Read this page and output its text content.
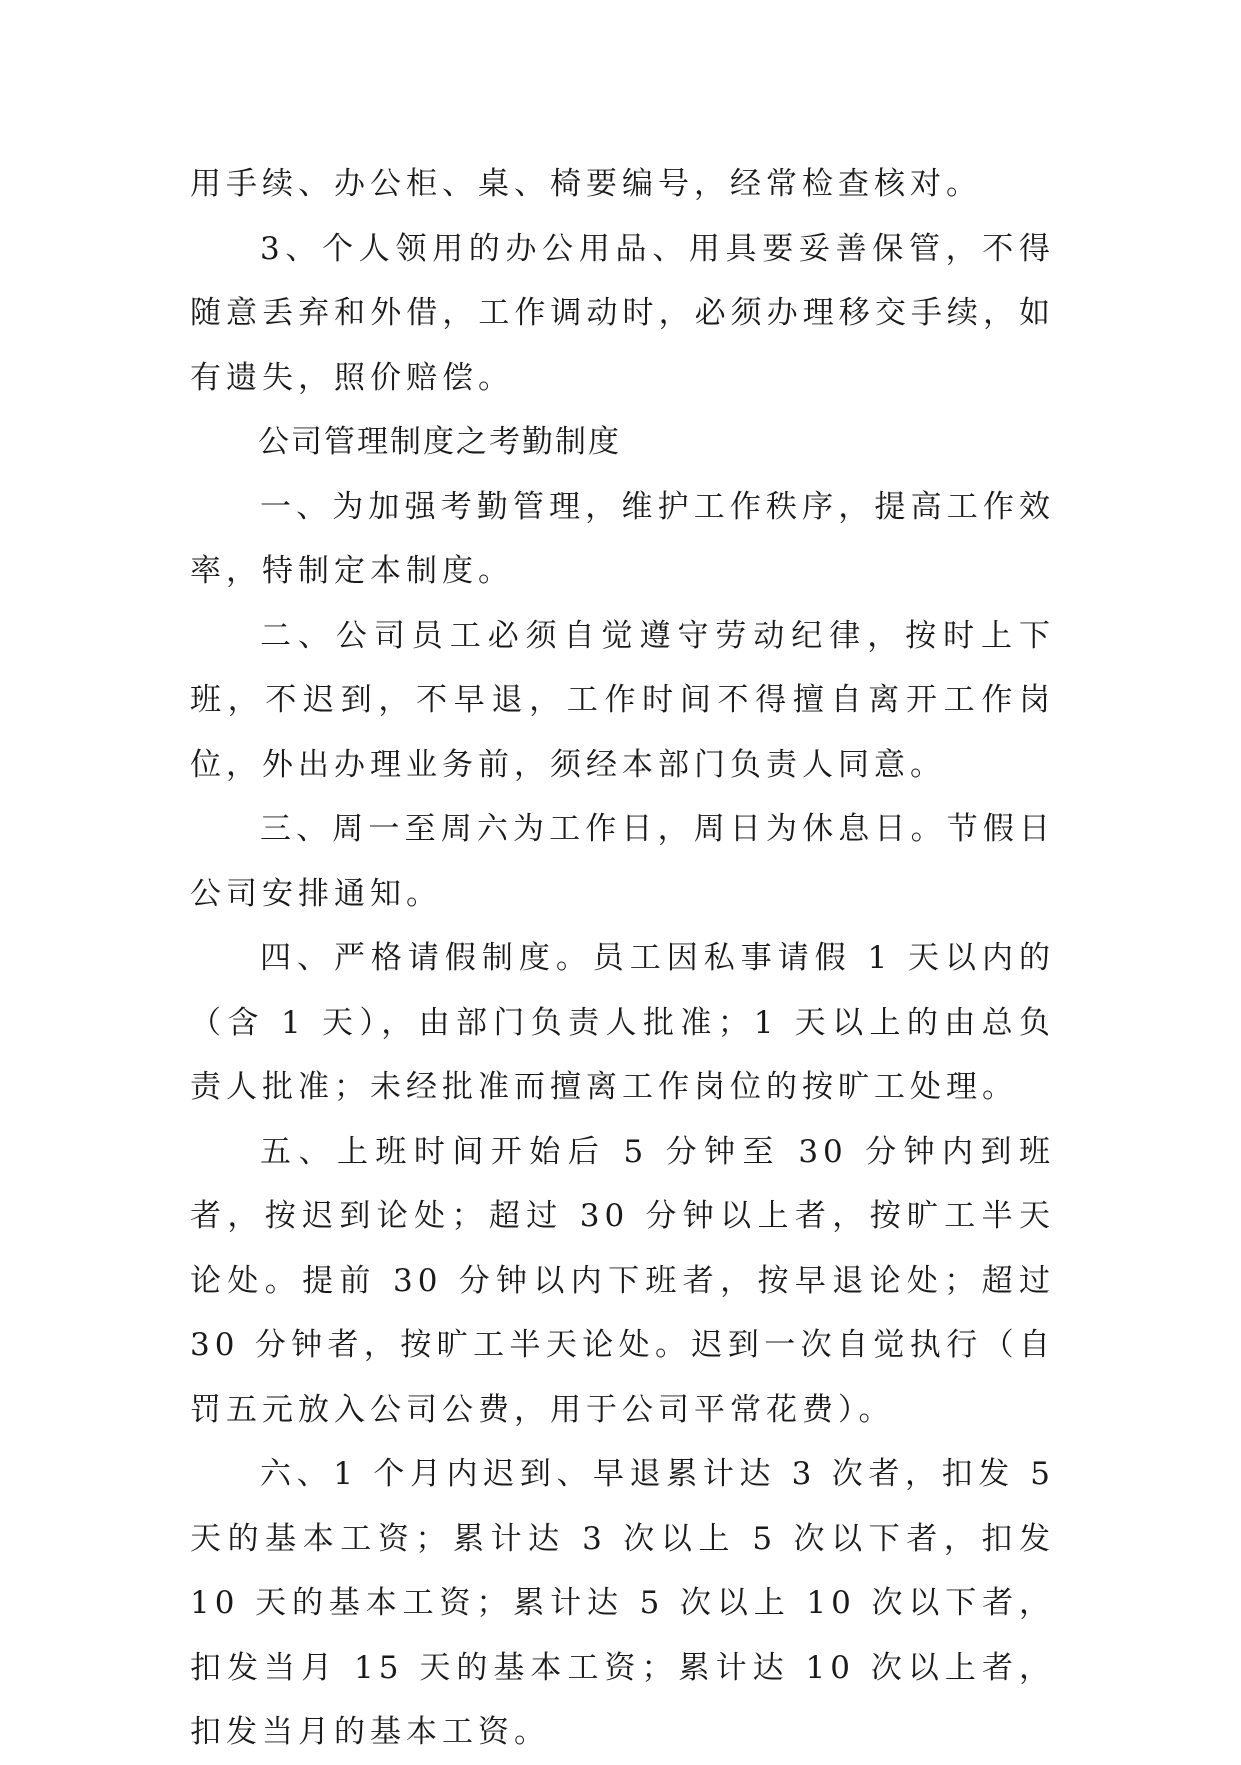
用手续、办公柜、桌、椅要编号，经常检查核对。

3、个人领用的办公用品、用具要妥善保管，不得随意丢弃和外借，工作调动时，必须办理移交手续，如有遗失，照价赔偿。

公司管理制度之考勤制度

一、为加强考勤管理，维护工作秩序，提高工作效率，特制定本制度。

二、公司员工必须自觉遵守劳动纪律，按时上下班，不迟到，不早退，工作时间不得擅自离开工作岗位，外出办理业务前，须经本部门负责人同意。

三、周一至周六为工作日，周日为休息日。节假日公司安排通知。

四、严格请假制度。员工因私事请假 1 天以内的（含 1 天），由部门负责人批准；1 天以上的由总负责人批准；未经批准而擅离工作岗位的按旷工处理。

五、上班时间开始后 5 分钟至 30 分钟内到班者，按迟到论处；超过 30 分钟以上者，按旷工半天论处。提前 30 分钟以内下班者，按早退论处；超过 30 分钟者，按旷工半天论处。迟到一次自觉执行（自罚五元放入公司公费，用于公司平常花费）。

六、1 个月内迟到、早退累计达 3 次者，扣发 5 天的基本工资；累计达 3 次以上 5 次以下者，扣发 10 天的基本工资；累计达 5 次以上 10 次以下者，扣发当月 15 天的基本工资；累计达 10 次以上者，扣发当月的基本工资。
